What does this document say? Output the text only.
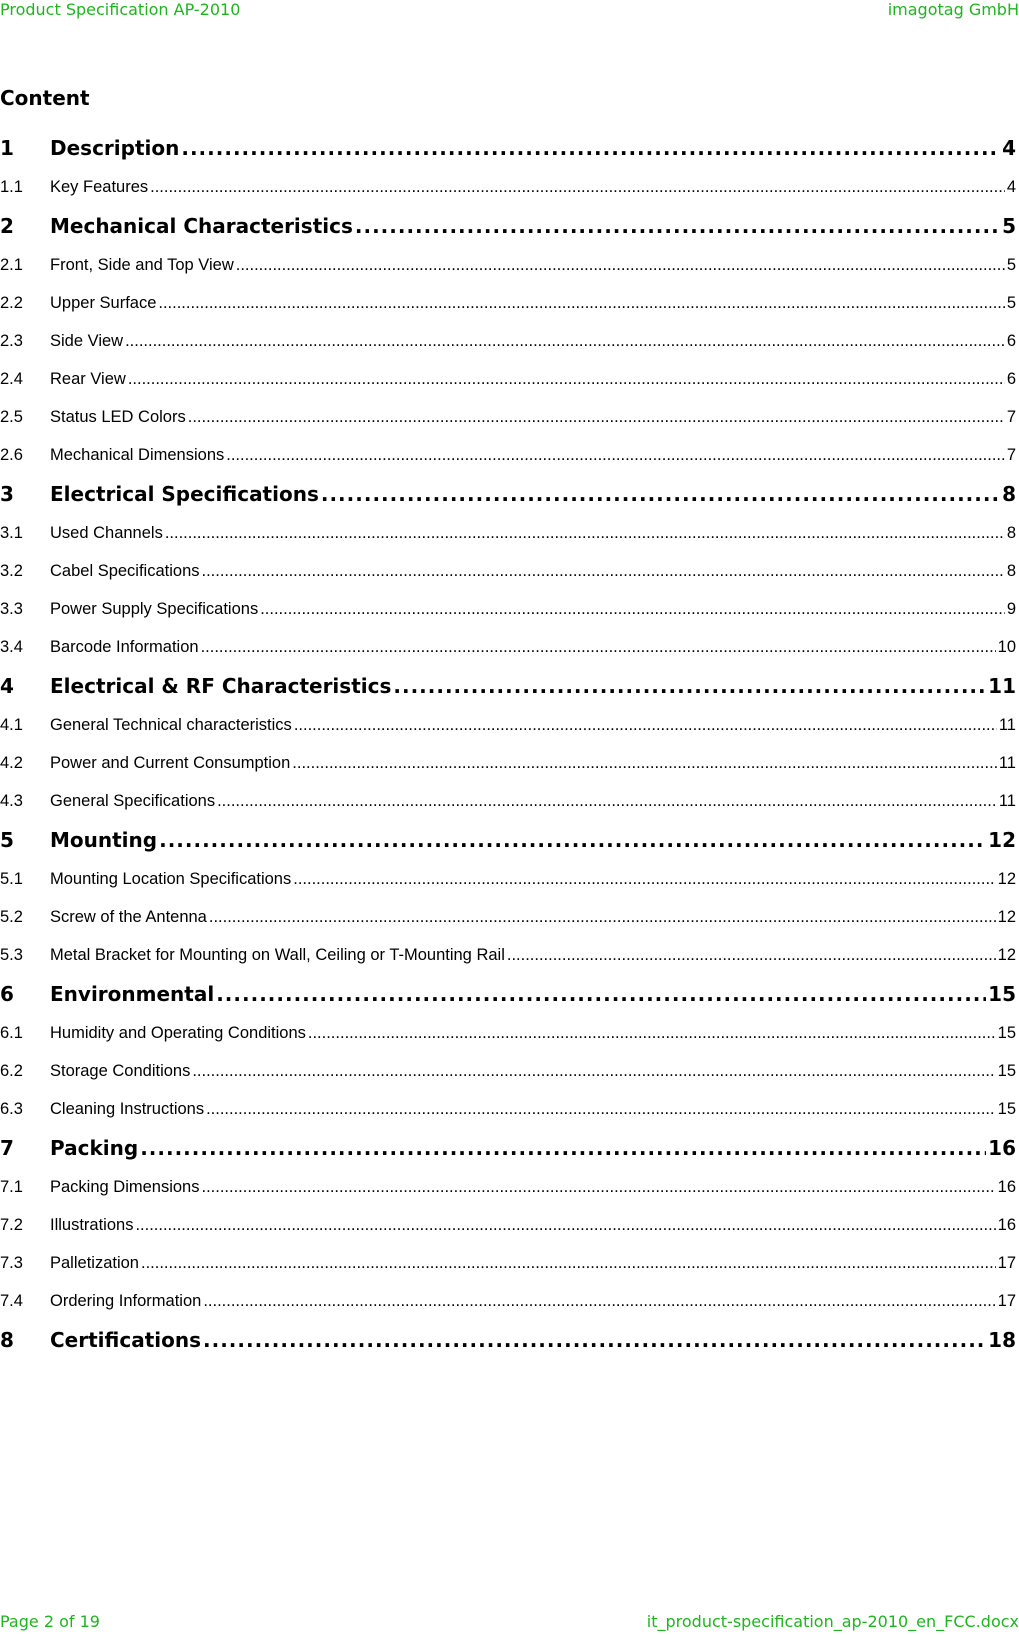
Product Specification AP-2010	imagotag GmbH
Content
1	Description .....	4
1.1	Key Features .....	4
2	Mechanical Characteristics .....	5
2.1	Front, Side and Top View .....	5
2.2	Upper Surface .....	5
2.3	Side View .....	6
2.4	Rear View .....	6
2.5	Status LED Colors .....	7
2.6	Mechanical Dimensions .....	7
3	Electrical Specifications .....	8
3.1	Used Channels .....	8
3.2	Cabel Specifications .....	8
3.3	Power Supply Specifications .....	9
3.4	Barcode Information .....	10
4	Electrical & RF Characteristics .....	11
4.1	General Technical characteristics .....	11
4.2	Power and Current Consumption .....	11
4.3	General Specifications .....	11
5	Mounting .....	12
5.1	Mounting Location Specifications .....	12
5.2	Screw of the Antenna .....	12
5.3	Metal Bracket for Mounting on Wall, Ceiling or T-Mounting Rail .....	12
6	Environmental .....	15
6.1	Humidity and Operating Conditions .....	15
6.2	Storage Conditions .....	15
6.3	Cleaning Instructions .....	15
7	Packing .....	16
7.1	Packing Dimensions .....	16
7.2	Illustrations .....	16
7.3	Palletization .....	17
7.4	Ordering Information .....	17
8	Certifications .....	18
Page 2 of 19	it_product-specification_ap-2010_en_FCC.docx
